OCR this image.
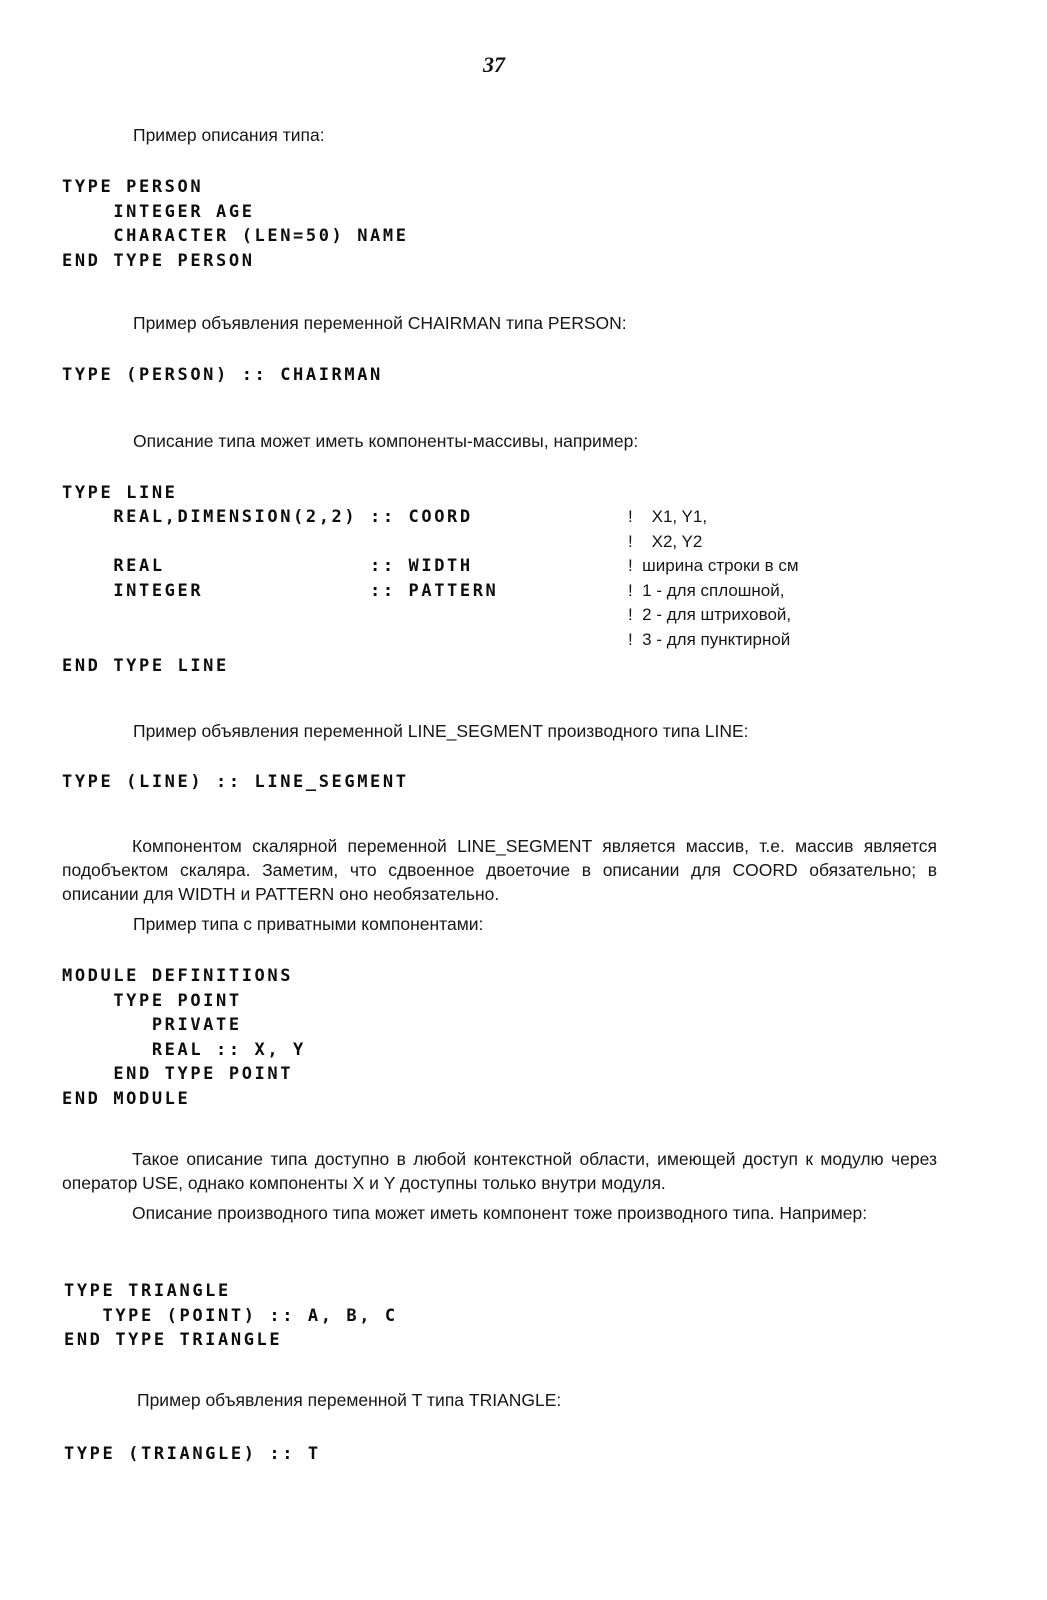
37
Пример описания типа:
TYPE PERSON
INTEGER AGE
CHARACTER (LEN=50) NAME
END TYPE PERSON
Пример объявления переменной CHAIRMAN типа PERSON:
TYPE (PERSON) :: CHAIRMAN
Описание типа может иметь компоненты-массивы, например:
TYPE LINE
REAL,DIMENSION(2,2) :: COORD

REAL                :: WIDTH
INTEGER             :: PATTERN
!    X1, Y1,
!    X2, Y2
!  ширина строки в см
!  1 - для сплошной,
!  2 - для штриховой,
!  3 - для пунктирной
END TYPE LINE
Пример объявления переменной LINE_SEGMENT производного типа LINE:
TYPE (LINE) :: LINE_SEGMENT
Компонентом скалярной переменной LINE_SEGMENT является массив, т.е. массив является подобъектом скаляра. Заметим, что сдвоенное двоеточие в описании для COORD обязательно; в описании для WIDTH и PATTERN оно необязательно.
Пример типа с приватными компонентами:
MODULE DEFINITIONS
TYPE POINT
PRIVATE
REAL :: X, Y
END TYPE POINT
END MODULE
Такое описание типа доступно в любой контекстной области, имеющей доступ к модулю через оператор USE, однако компоненты X и Y доступны только внутри модуля.
Описание производного типа может иметь компонент тоже производного типа. Например:
TYPE TRIANGLE
TYPE (POINT) :: A, B, C
END TYPE TRIANGLE
Пример объявления переменной T типа TRIANGLE:
TYPE (TRIANGLE) :: T
